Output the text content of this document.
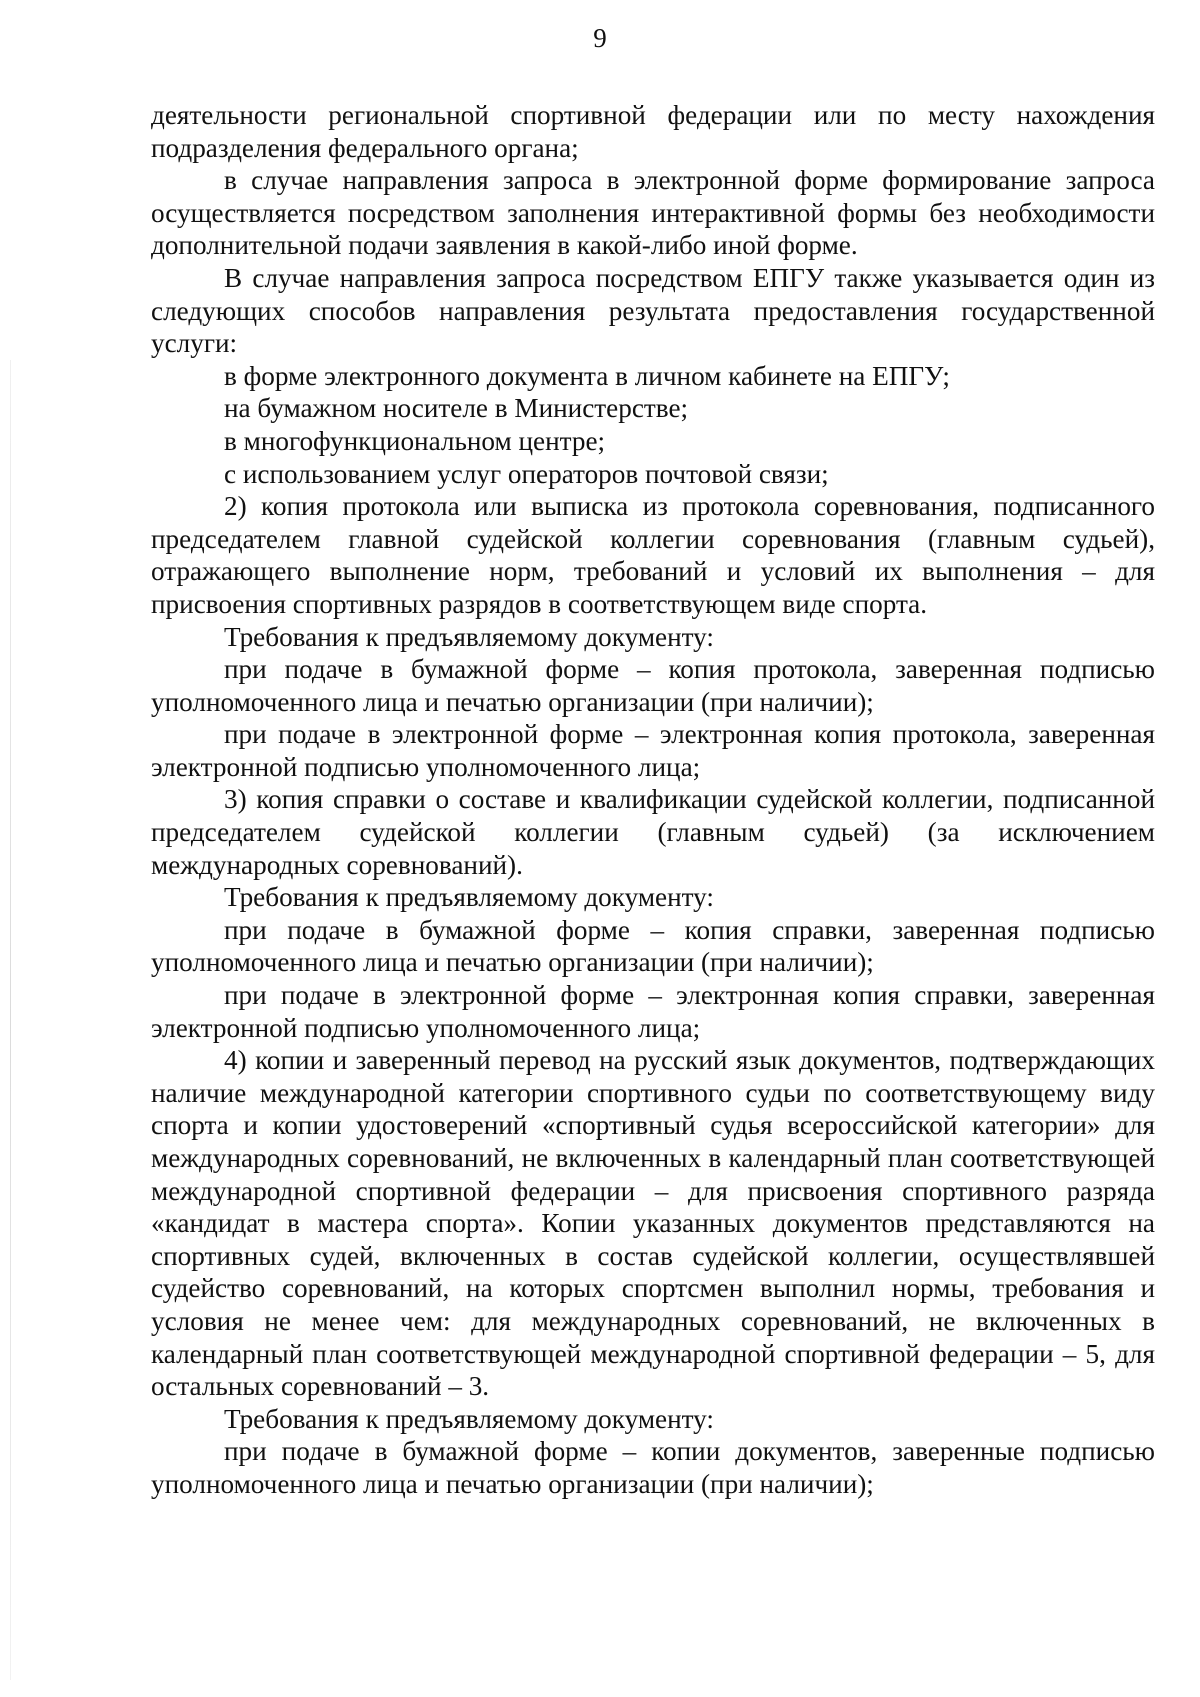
9

деятельности региональной спортивной федерации или по месту нахождения подразделения федерального органа;

в случае направления запроса в электронной форме формирование запроса осуществляется посредством заполнения интерактивной формы без необходимости дополнительной подачи заявления в какой-либо иной форме.

В случае направления запроса посредством ЕПГУ также указывается один из следующих способов направления результата предоставления государственной услуги:

в форме электронного документа в личном кабинете на ЕПГУ;

на бумажном носителе в Министерстве;

в многофункциональном центре;

с использованием услуг операторов почтовой связи;

2) копия протокола или выписка из протокола соревнования, подписанного председателем главной судейской коллегии соревнования (главным судьей), отражающего выполнение норм, требований и условий их выполнения – для присвоения спортивных разрядов в соответствующем виде спорта.

Требования к предъявляемому документу:

при подаче в бумажной форме – копия протокола, заверенная подписью уполномоченного лица и печатью организации (при наличии);

при подаче в электронной форме – электронная копия протокола, заверенная электронной подписью уполномоченного лица;

3) копия справки о составе и квалификации судейской коллегии, подписанной председателем судейской коллегии (главным судьей) (за исключением международных соревнований).

Требования к предъявляемому документу:

при подаче в бумажной форме – копия справки, заверенная подписью уполномоченного лица и печатью организации (при наличии);

при подаче в электронной форме – электронная копия справки, заверенная электронной подписью уполномоченного лица;

4) копии и заверенный перевод на русский язык документов, подтверждающих наличие международной категории спортивного судьи по соответствующему виду спорта и копии удостоверений «спортивный судья всероссийской категории» для международных соревнований, не включенных в календарный план соответствующей международной спортивной федерации – для присвоения спортивного разряда «кандидат в мастера спорта». Копии указанных документов представляются на спортивных судей, включенных в состав судейской коллегии, осуществлявшей судейство соревнований, на которых спортсмен выполнил нормы, требования и условия не менее чем: для международных соревнований, не включенных в календарный план соответствующей международной спортивной федерации – 5, для остальных соревнований – 3.

Требования к предъявляемому документу:

при подаче в бумажной форме – копии документов, заверенные подписью уполномоченного лица и печатью организации (при наличии);
